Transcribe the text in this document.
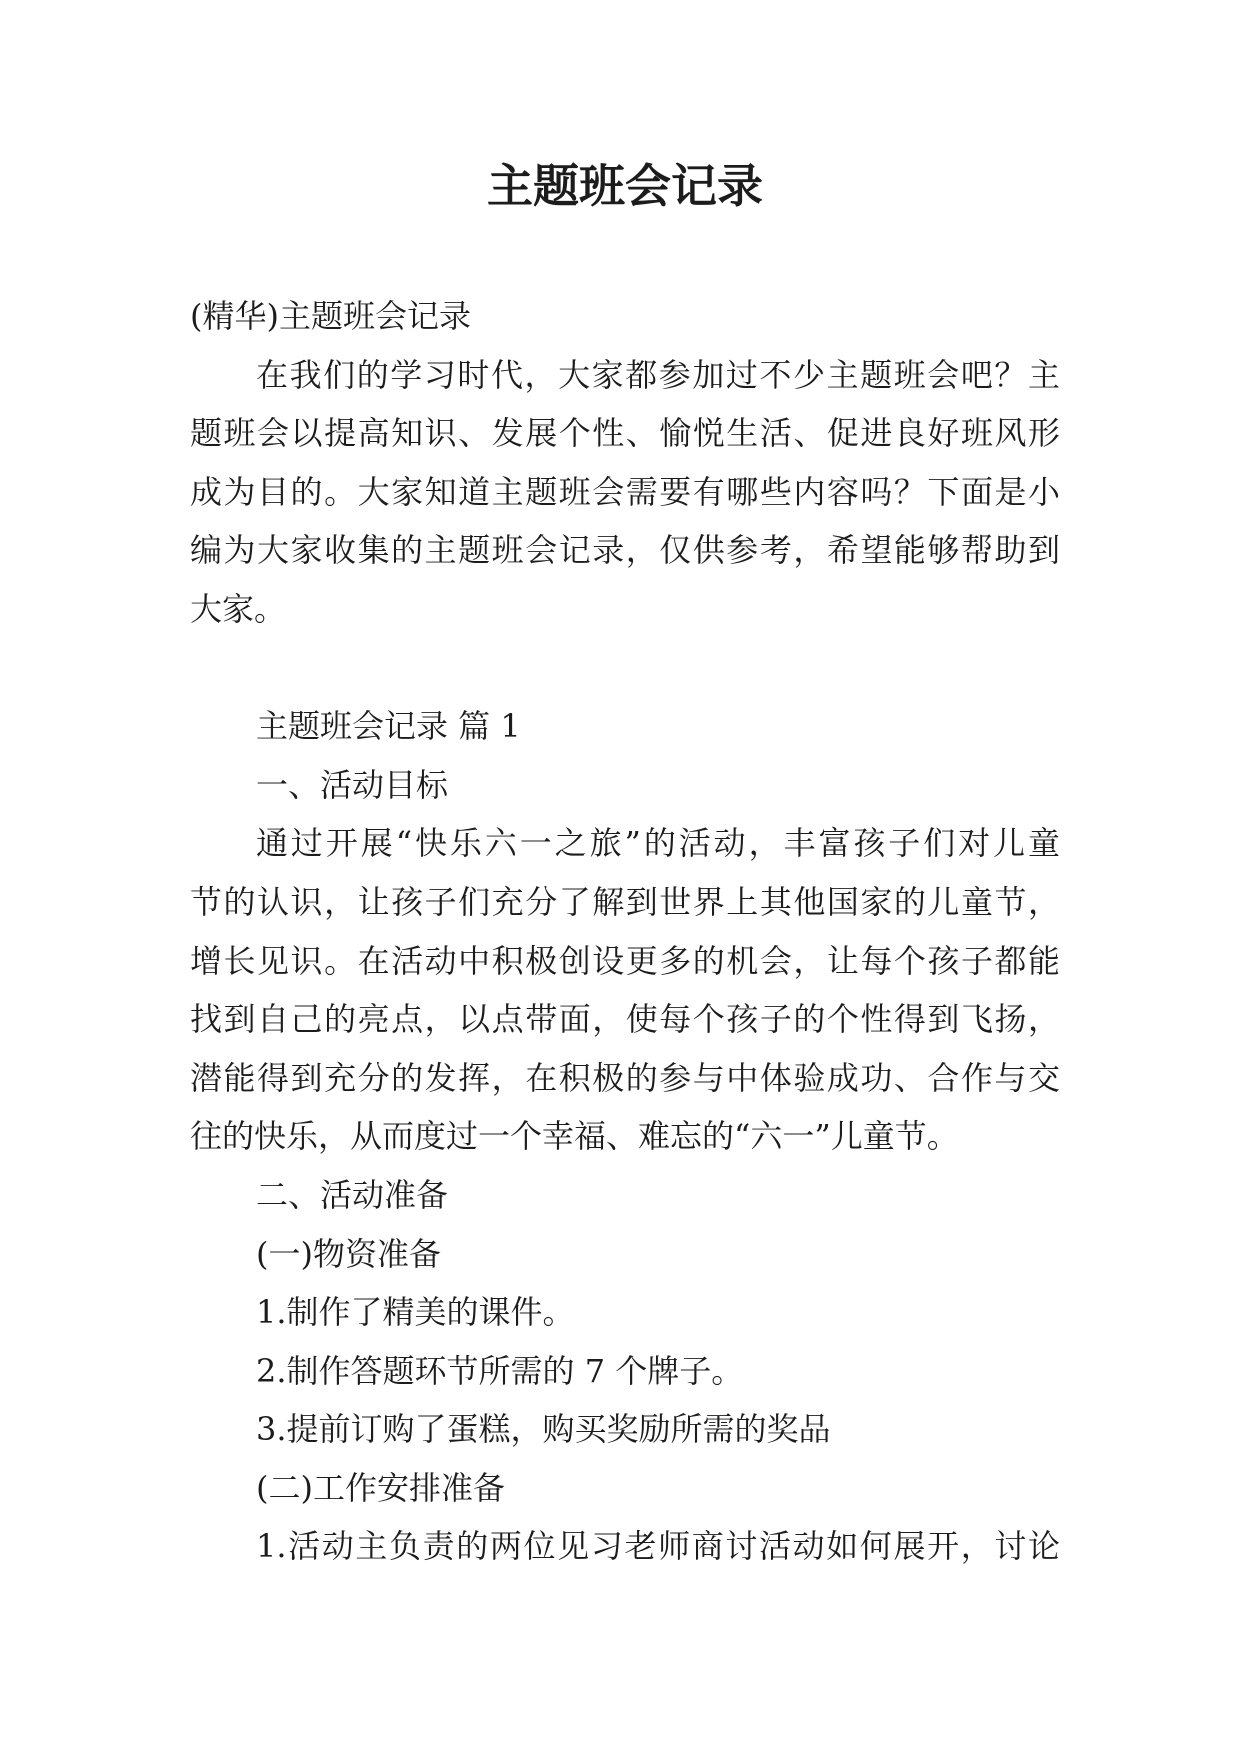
主题班会记录
(精华)主题班会记录
在我们的学习时代，大家都参加过不少主题班会吧？主
题班会以提高知识、发展个性、愉悦生活、促进良好班风形
成为目的。大家知道主题班会需要有哪些内容吗？下面是小
编为大家收集的主题班会记录，仅供参考，希望能够帮助到
大家。
主题班会记录 篇 1
一、活动目标
通过开展“快乐六一之旅”的活动，丰富孩子们对儿童
节的认识，让孩子们充分了解到世界上其他国家的儿童节，
增长见识。在活动中积极创设更多的机会，让每个孩子都能
找到自己的亮点，以点带面，使每个孩子的个性得到飞扬，
潜能得到充分的发挥，在积极的参与中体验成功、合作与交
往的快乐，从而度过一个幸福、难忘的“六一”儿童节。
二、活动准备
(一)物资准备
1.制作了精美的课件。
2.制作答题环节所需的 7 个牌子。
3.提前订购了蛋糕，购买奖励所需的奖品
(二)工作安排准备
1.活动主负责的两位见习老师商讨活动如何展开，讨论
